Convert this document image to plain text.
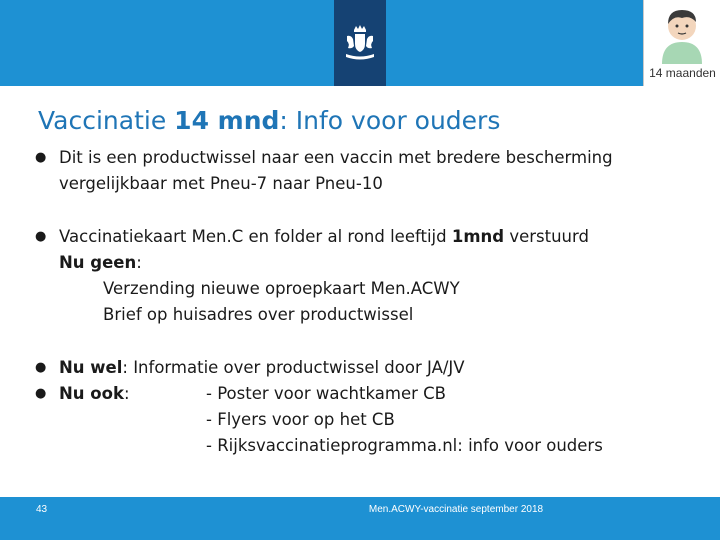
14 maanden
Vaccinatie 14 mnd: Info voor ouders
● Dit is een productwissel naar een vaccin met bredere bescherming
vergelijkbaar met Pneu-7 naar Pneu-10
● Vaccinatiekaart Men.C en folder al rond leeftijd 1mnd verstuurd
Nu geen:
Verzending nieuwe oproepkaart Men.ACWY
Brief op huisadres over productwissel
● Nu wel: Informatie over productwissel door JA/JV
● Nu ook:	- Poster voor wachtkamer CB
- Flyers voor op het CB
- Rijksvaccinatieprogramma.nl: info voor ouders
43	Men.ACWY-vaccinatie september 2018
